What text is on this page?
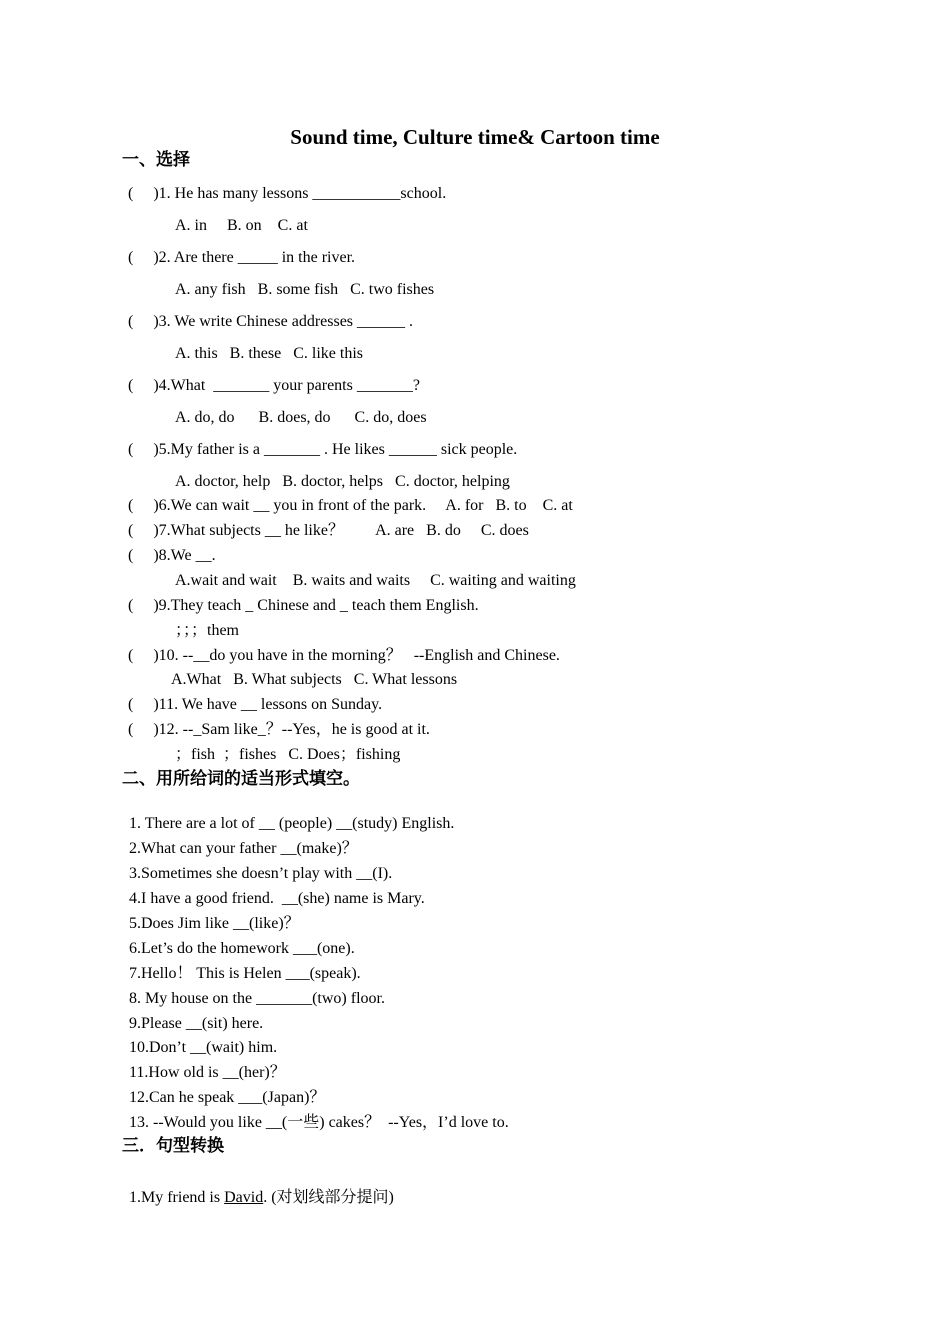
Sound time, Culture time& Cartoon time
一、选择
(     )1. He has many lessons ___________school.
A. in     B. on    C. at
(     )2. Are there _____ in the river.
A. any fish   B. some fish   C. two fishes
(     )3. We write Chinese addresses ______ .
A. this   B. these   C. like this
(     )4.What  _______ your parents _______?
A. do, do      B. does, do      C. do, does
(     )5.My father is a _______ . He likes ______ sick people.
A. doctor, help   B. doctor, helps   C. doctor, helping
(     )6.We can wait __ you in front of the park.     A. for   B. to    C. at
(     )7.What subjects __ he like？        A. are   B. do     C. does
(     )8.We __.
A.wait and wait    B. waits and waits     C. waiting and waiting
(     )9.They teach _ Chinese and _ teach them English.
；；；them
(     )10. --__do you have in the morning？   --English and Chinese.
A.What   B. What subjects   C. What lessons
(     )11. We have __ lessons on Sunday.
(     )12. --_Sam like_？--Yes，he is good at it.
；fish  ；fishes   C. Does；fishing
二、用所给词的适当形式填空。
1. There are a lot of __ (people) __(study) English.
2.What can your father __(make)？
3.Sometimes she doesn’t play with __(I).
4.I have a good friend.  __(she) name is Mary.
5.Does Jim like __(like)？
6.Let’s do the homework ___(one).
7.Hello！ This is Helen ___(speak).
8. My house on the _______(two) floor.
9.Please __(sit) here.
10.Don’t __(wait) him.
11.How old is __(her)？
12.Can he speak ___(Japan)？
13. --Would you like __(一些) cakes？  --Yes，I’d love to.
三．句型转换
1.My friend is David. (对划线部分提问)
